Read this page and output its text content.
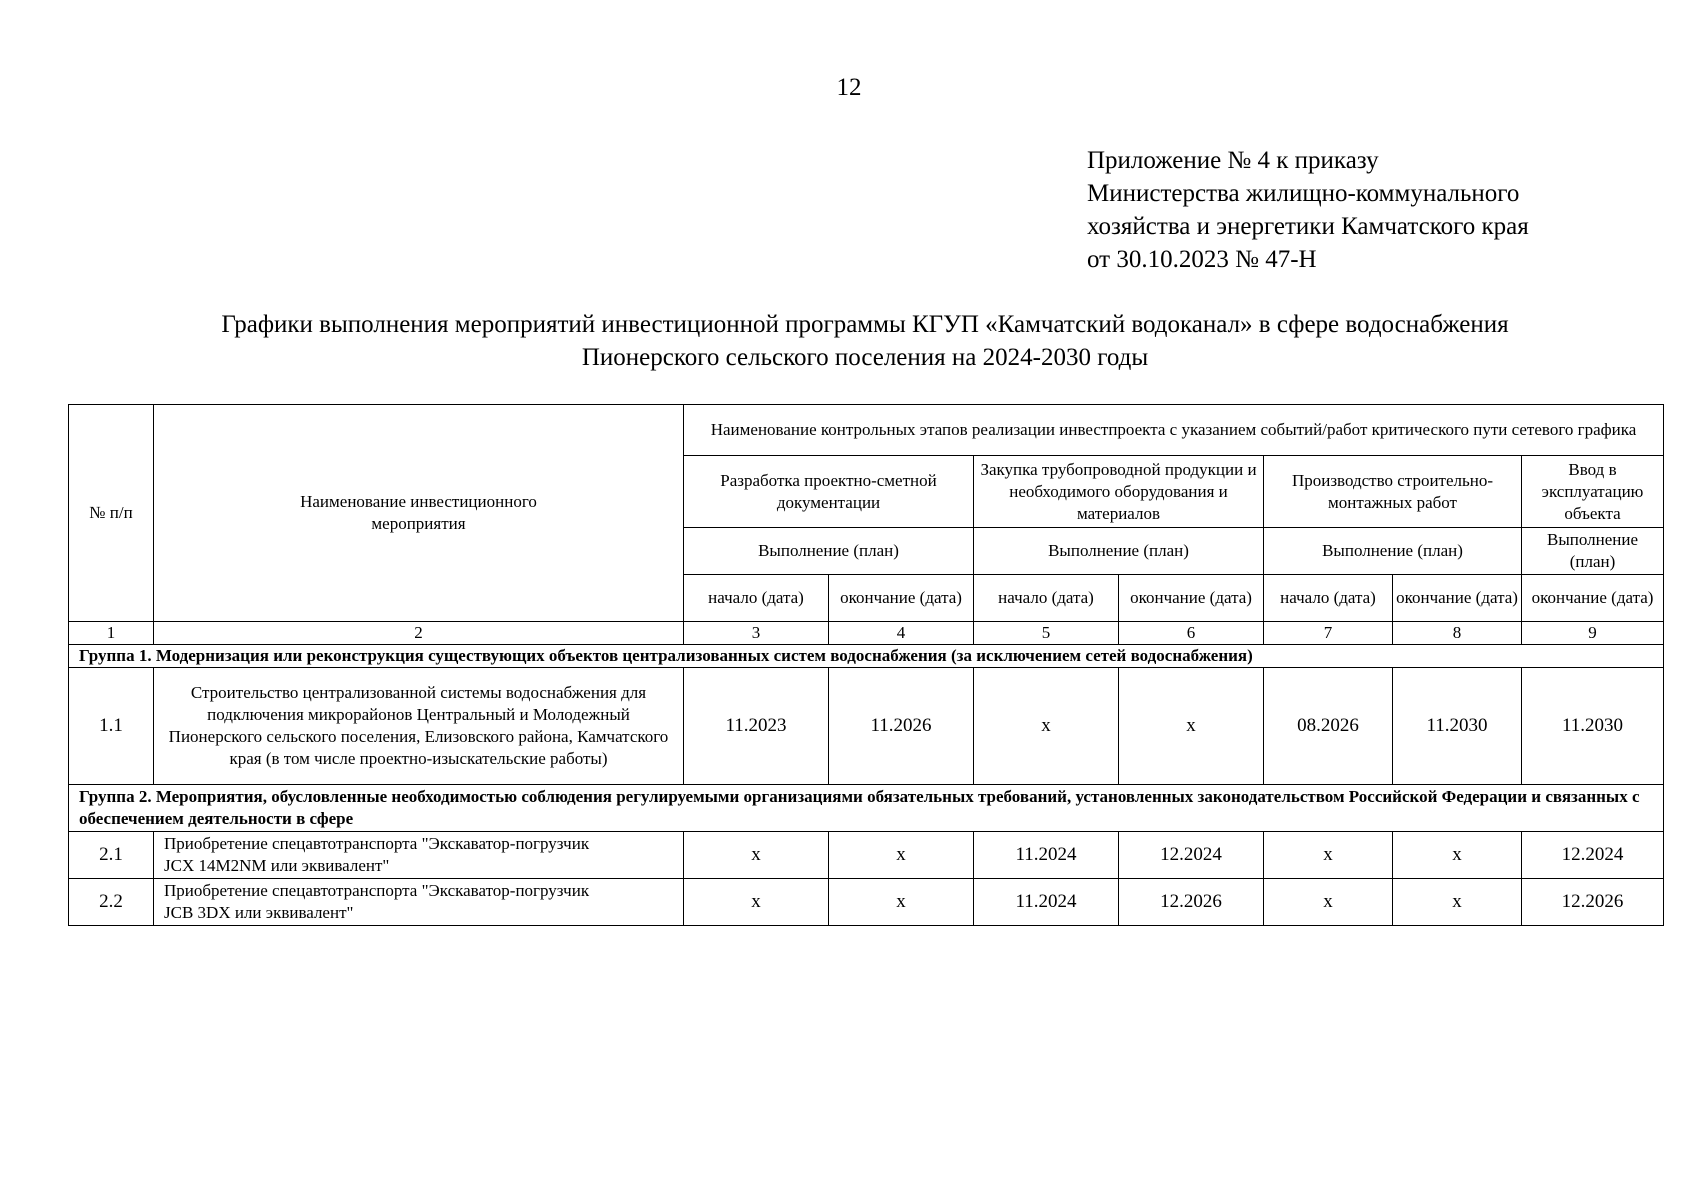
12
Приложение № 4 к приказу
Министерства жилищно-коммунального
хозяйства и энергетики Камчатского края
от 30.10.2023 № 47-Н
Графики выполнения мероприятий инвестиционной программы КГУП «Камчатский водоканал» в сфере водоснабжения
Пионерского сельского поселения на 2024-2030 годы
№ п/п	Наименование инвестиционного мероприятия	Наименование контрольных этапов реализации инвестпроекта с указанием событий/работ критического пути сетевого графика						
		Разработка проектно-сметной документации		Закупка трубопроводной продукции и необходимого оборудования и материалов		Производство строительно-монтажных работ		Ввод в эксплуатацию объекта
		Выполнение (план)		Выполнение (план)		Выполнение (план)		Выполнение (план)
		начало (дата)	окончание (дата)	начало (дата)	окончание (дата)	начало (дата)	окончание (дата)	окончание (дата)
1	2	3	4	5	6	7	8	9
Группа 1. Модернизация или реконструкция существующих объектов централизованных систем водоснабжения (за исключением сетей водоснабжения)								
1.1	Строительство централизованной системы водоснабжения для подключения микрорайонов Центральный и Молодежный Пионерского сельского поселения, Елизовского района, Камчатского края (в том числе проектно-изыскательские работы)	11.2023	11.2026	х	х	08.2026	11.2030	11.2030
Группа 2. Мероприятия, обусловленные необходимостью соблюдения регулируемыми организациями обязательных требований, установленных законодательством Российской Федерации и связанных с обеспечением деятельности в сфере								
2.1	Приобретение спецавтотранспорта "Экскаватор-погрузчик JCX 14M2NM или эквивалент"	х	х	11.2024	12.2024	х	х	12.2024
2.2	Приобретение спецавтотранспорта "Экскаватор-погрузчик JCB 3DX или эквивалент"	х	х	11.2024	12.2026	х	х	12.2026
